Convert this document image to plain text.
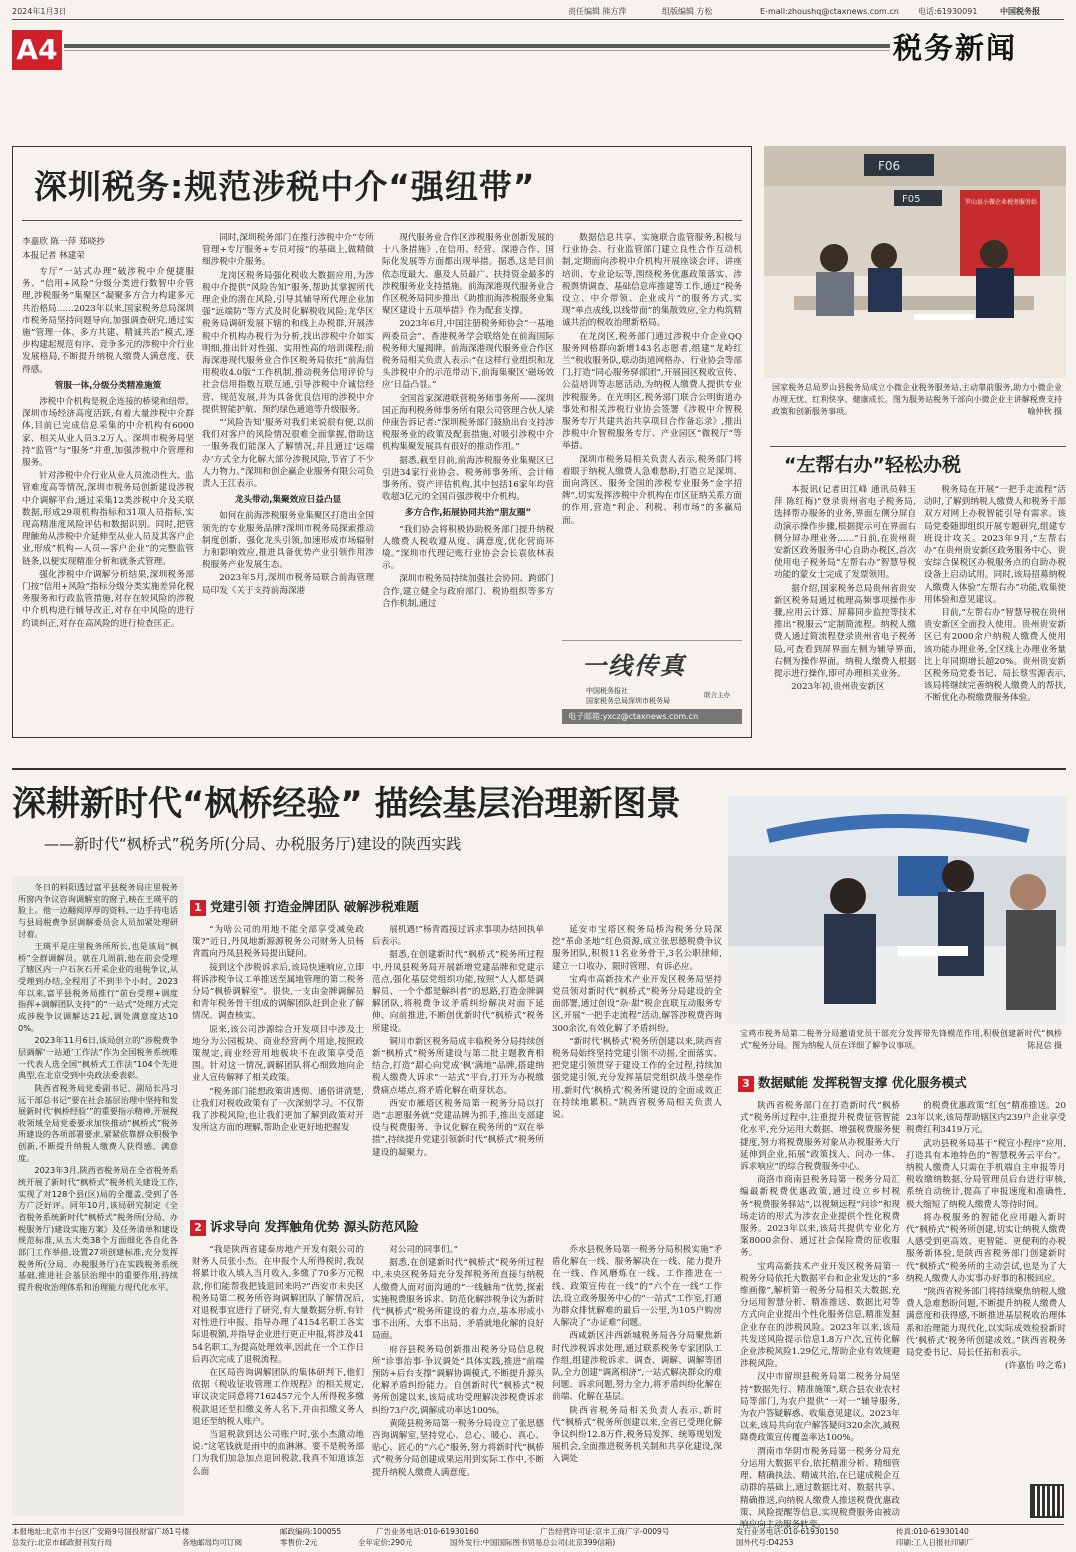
2024年1月3日	责任编辑 熊方萍	组版编辑 方松	E-mail:zhoushq@ctaxnews.com.cn 电话:61930091	中国税务报
A4	税务新闻
深圳税务:规范涉税中介“强纽带”
李嘉欣 陈一萍 郑晓抄
本报记者 林建荣

专厅“一站式办理”破涉税中介便捷服务、“信用+风险”分级分类进行数智中介管理,涉税服务“集聚区”凝聚多方合力构建多元共治格局……2023年以来,国家税务总局深圳市税务局坚持问题导向,加强调查研究,通过实施“管理一体、多方共建、精诚共治”模式,逐步构建起规范有序、竞争多元的涉税中介行业发展格局,不断提升纳税人缴费人满意度、获得感。

管服一体,分级分类精准施策

涉税中介机构是税企连接的桥梁和纽带。深圳市场经济高度活跃,有着大量涉税中介群体,目前已完成信息采集的中介机构有6000家、相关从业人员3.2万人。深圳市税务局坚持“监管”与“服务”并重,加强涉税中介管理和服务。

针对涉税中介行业从业人员流动性大、监管难度高等情况,深圳市税务局创新建设涉税中介调解平台,通过采集12类涉税中介及关联数据,形成29项机构指标和31项人员指标,实现高精准度风险评估和数据识别。同时,把管理触角从涉税中介延伸至从业人员及其客户企业,形成“机构—人员—客户企业”的完整监管链条,以便实现精准分析和就条式管理。

强化涉税中介调解分析结果,深圳税务部门按“信用+风险”指标分级分类实施差异化税务服务和行政监管措施,对存在较风险的涉税中介机构进行辅导改正,对存在中风险的进行约谈纠正,对存在高风险的进行检查匡正。

同时,深圳税务部门在推行涉税中介“专所管理+专厅服务+专员对接”的基础上,做精做细涉税中介服务。

龙岗区税务局强化税收大数据应用,为涉税中介提供“风险告知”服务,帮助其掌握所代理企业的潜在风险,引导其辅导所代理企业加强“远端防”等方式及时化解税收风险;龙华区税务局调研发展下辖的和线上办税群,开展涉税中介机构办税行为分析,找出涉税中介如实明细,推出针对性强、实用性高的培训课程;前海深港现代服务业合作区税务局依托“前海信用税收4.0版”工作机制,推动税务信用评价与社会信用指数互联互通,引导涉税中介诚信经营、规范发展,并为具备优良信用的涉税中介提供智能护航、预约绿色通道等升级服务。

“‘风险告知’服务对我们来说很有便,以前我们对客户的风险情况很难全面掌握,借助这一服务我们能深入了解情况,并且通过‘远端办’方式全力化解大部分涉税风险,节省了不少人力物力。”深圳和创企赢企业服务有限公司负责人王江表示。

龙头带动,集聚效应日益凸显

如何在前海涉税服务业集聚区打造出全国领先的专业服务品牌?深圳市税务局探索推动制度创新、强化龙头引领,加速形成市场辐射力和影响效应,推进具备优势产业引领作用涉税服务产业发展生态。

2023年5月,深圳市税务局联合前海管理局印发《关于支持前海深港

现代服务业合作区涉税服务业创新发展的十八条措施》,在信用、经营、深港合作、国际化发展等方面都出现举措。据悉,这是目前依态度最大、惠及人员最广、扶持资金最多的涉税服务业支持措施。前海深港现代服务业合作区税务局同步推出《助推前海涉税服务业集聚区建设十五项举措》作为配套支撑。

2023年6月,中国注册税务师协会“一基地两委员会”、香港税务学会联络处在前海国际税务师大厦揭牌。前海深港现代服务业合作区税务局相关负责人表示:“在这样行业组织和龙头涉税中介的示范带动下,前海集聚区‘磁场效应’日益凸显。”

全国首家深港联营税务师事务所——深圳国正海利税务师事务所有限公司管理合伙人梁仲康告诉记者:“深圳税务部门鼓励出台支持涉税服务业的政策及配套措施,对吸引涉税中介机构集聚发展具有很好的推动作用。”

据悉,截至目前,前海涉税服务业集聚区已引进34家行业协会、税务师事务所、会计师事务所、资产评估机构,其中包括16家年均营收超3亿元的全国百强涉税中介机构。

多方合作,拓展协同共治“朋友圈”

“我们协会将积极协助税务部门提升纳税人缴费人税收遵从度、满意度,优化营商环境。”深圳市代理记账行业协会会长袁依林表示。

深圳市税务局持续加强社会协同、跨部门合作,建立健全与政府部门、税协组织等多方合作机制,通过

数据信息共享、实施联合监管服务,积极与行业协会、行业监管部门建立良性合作互动机制,定期面向涉税中介机构开展座谈会评、讲座培训、专业论坛等,围绕税务优惠政策落实、涉税舆情调查、基础信息库推建等工作,通过“税务设立、中介带领、企业成片”的服务方式,实现“单点成线,以线带面”的集散效应,全力构筑精诚共治的税收治理新格局。

在龙岗区,税务部门通过涉税中介企业QQ服务网格群向新增143名志愿者,组建“龙岭红兰”税收服务队,联动街道网格办、行业协会等部门,打造“同心服务驿部团”,开展园区税收宣传、公益培训等志愿活动,为纳税人缴费人提供专业涉税服务。在光明区,税务部门联合公明街道办事处和相关涉税行业协会签署《涉税中介智税服务专厅共建共治共享项目合作备忘录》,推出涉税中介智税服务专厅、产业园区“微税厅”等举措。

深圳市税务局相关负责人表示,税务部门将着眼于纳税人缴费人急难愁盼,打造立足深圳、面向湾区、服务全国的涉税专业服务“金字招牌”,切实发挥涉税中介机构在市区征纳关系方面的作用,营造“利企、利税、利市场”的多赢局面。

一线传真
中国税务报社
国家税务总局深圳市税务局
联合主办
电子邮箱:yxcz@ctaxnews.com.cn
F06
F05	罗山县小微企业税务服务站
国家税务总局罗山县税务局成立小微企业税务服务站,主动靠前服务,助力小微企业办理无忧、红利快享、健康成长。图为服务站税务干部向小微企业主讲解税费支持政策和创新服务事项。	喻仲秋 摄
“左帮右办”轻松办税

本报讯(记者田江峰 通讯员韩玉萍 陈红梅)“登录贵州省电子税务局,选择帮办服务的业务,界面左侧分屏自动演示操作步骤,根据提示可在界面右侧分屏办理业务……”日前,在贵州贵安新区政务服务中心自助办税区,首次使用电子税务局“左帮右办”智慧导税功能的蒙女士完成了发票领用。

据介绍,国家税务总局贵州省贵安新区税务局通过梳理高频事项操作步骤,应用云计算、屏幕同步监控等技术推出“税服云”定制简流程。纳税人缴费人通过简流程登录贵州省电子税务局,可查看到屏界面左侧为辅导界面,右侧为操作界面。纳税人缴费人根据提示进行操作,即可办理相关业务。

2023年初,贵州贵安新区

税务局在开展“一把手走流程”活动时,了解到纳税人缴费人和税务干部双方对网上办税智能引导有需求。该局党委随即组织开展专题研究,组建专班设计攻关。2023年9月,“左帮右办”在贵州贵安新区政务服务中心、贵安综合保税区办税服务点的自助办税设备上启动试用。同时,该局招募纳税人缴费人体验“左帮右办”功能,收集使用体验和意见建议。

目前,“左帮右办”智慧导税在贵州贵安新区全面投入使用。贵州贵安新区已有2000余户纳税人缴费人使用该功能办理业务,全区线上办理业务量比上年同期增长超20%。贵州贵安新区税务局党委书记、局长蔡雪源表示,该局将继续完善纳税人缴费人的帮扶,不断优化办税缴费服务体验。

深耕新时代“枫桥经验” 描绘基层治理新图景
——新时代“枫桥式”税务所(分局、办税服务厅)建设的陕西实践

冬日的料阳透过富平县税务局庄里税务所窗内争议咨询调解室的窗子,映在王瑛平的脸上。他一边翻阅厚厚的资料,一边手持电话与县局税费争层调解委员会人员加紧处理研讨着。

王瑛平是庄里税务所所长,也是该局“枫桥”全群调解员。就在几周前,他在前会受理了辖区内一户石灰石开采企业的退税争议,从受理到办结,全程用了不到半个小时。2023年以来,富平县税务局推行“前台受理+调度指挥+调解团队支持”的“一站式”处理方式完成涉税争议调解达21起,调处满意度达100%。

2023年11月6日,该局创立的“涉税费争层调解‘一站通’工作法”作为全国税务系统唯一代表人选全国“枫桥式工作法”104个先进典型,在北京受到中央政法委表彰。

陕西省税务局党委副书记、副局长冯习远干部总书记“要在社会基层治理中坚持和发展新时代‘枫桥经验’”的重要指示精神,开展税收领域全局党委要求加快推动“枫桥式”税务所建设的各项部署要求,紧紧依靠群众积极争创新,不断提升纳税人缴费人获得感、满意度。

2023年3月,陕西省税务局在全省税务系统开展了新时代“枫桥式”税务机关建设工作,实现了对128个县(区)局的全覆盖,受到了各方广泛好评。同年10月,该局研究制定《全省税务系统新时代“枫桥式”税务所(分局、办税服务厅)建设实施方案》及任务清单和建设规范标准,从五大类38个方面细化各自化各部门工作举措,设置27项创建标准,充分发挥税务所(分局、办税服务厅)在实践税务系统基础,推进社会基层治理中的重要作用,持续提升税收治理体系和治理能力现代化水平。

宝鸡市税务局第二税务分局邀请党员干部充分发挥带先锋模范作用,积极创建新时代“枫桥式”税务分局。图为纳税人员在详细了解争议事项。	陈昆信 摄
1 党建引领 打造金牌团队 破解涉税难题

“为啥公司的用地不能全部享受减免政策?”近日,丹凤地新源源税务公司财务人员杨青霞向丹凤县税务局提出疑问。

接到这个涉税诉求后,该局快速响应,立即将诉涉税争议工单推送至属地管理的第二税务分局“枫桥调解室”。很快,一支由金牌调解员和青年税务骨干组成的调解团队赶到企业了解情况、调查核实。

原来,该公司涉源综合开发项目中涉及土地分为公园板块、商业经营两个用途,按照政策规定,商业经营用地板块不在政策享受范围。针对这一情况,调解团队将心细致地向企业人宣传解释了相关政策。

“税务部门能想政策讲透彻、通俗讲清楚,让我们对税收政策有了一次深刻学习。不仅帮我了涉税风险,也让我们更加了解到政策对开发所这方面的理解,帮助企业更好地把握发

展机遇!”杨青霞接过诉求事项办结回执单后表示。

据悉,在创建新时代“枫桥式”税务所过程中,丹凤县税务局开展新增党建品牌和党建示范点,强化基层党组织功能,按照“人人都是调解员、一个个都是解纠者”的思路,打造金牌调解团队,将税费争议矛盾纠纷解决对面下延伸、向前推进,不断创优新时代“枫桥式”税务所建设。

铜川市新区税务局成丰临税务分局持续创新“枫桥式”税务所建设与第二批主题教育相结合,打造“甜心向党成‘枫’满地”品牌,搭建纳税人缴费人诉求“一站式”平台,打开为办税缴费痛点堵点,将矛盾化解在萌芽状态。

西安市雁塔区税务局第一税务分局以打造“志愿服务就”党建品牌为抓手,推出支部建设与税费服务、争议化解在税务所的“双在举措”,持续提升党建引领新时代“枫桥式”税务所建设的凝聚力。

延安市宝塔区税务局桥沟税务分局深挖“革命圣地”红色资源,成立张思德税费争议服务团队,积极11名业务骨干,3名公职律师,建立一口收办、限时管理、有诉必应。

宝鸡市高新技术产业开发区税务局坚持党员领对新时代“枫桥式”税务分局建设的全面部署,通过创设“杂·甜”税企直联互动服务专区,开展“一把手走流程”活动,解答涉税费咨询300余次,有效化解了矛盾纠纷。

“新时代‘枫桥式’税务所创建以来,陕西省税务局始终坚持党建引领不动摇,全面落实、把党建引领贯穿于建设工作的全过程,持续加强党建引领,充分发挥基层党组织战斗堡垒作用,新时代‘枫桥式’税务所建设的全面成效正在持续地累积。”陕西省税务局相关负责人说。

2 诉求导向 发挥触角优势 源头防范风险

“我是陕西省建泰房地产开发有限公司的财务人员张小杰。在申报个人所得税时,我误将累计收入填入当月收入,多缴了70多万元税款,你们能帮我把钱退回来吗?”西安市未央区税务局第二税务所咨询调解团队了解情况后,对退税事宜进行了研究,有大量数据分析,有针对性进行申报、指导办理了4154名职工各实际退税额,并指导企业进行更正申报,将涉及4154名职工,为提高处理效率,因此在一个工作日后再次完成了退税流程。

在区局咨询调解团队的集体研判下,他们依据《税收征收管理工作规程》的相关规定,审议决定同意将7162457元个人所得税多缴税款退还至扣缴义务人名下,并由扣缴义务人退还至纳税人账户。

当退税款到达公司账户时,张小杰激动地说:“这笔钱就是雨中的血淋淋。要不是税务部门为我们加急加点退回税款,我真不知道该怎么面

对公司的同事们。”

据悉,在创建新时代“枫桥式”税务所过程中,未央区税务局充分发挥税务所直接与纳税人缴费人面对面沟通的“一线触角”优势,探索实施税费服务诉求、防范化解涉税争议为新时代“枫桥式”税务所建设的着力点,基本形成小事不出所、大事不出局、矛盾就地化解的良好局面。

府谷县税务局创新推出税务分局信息税所“诊事治事·争议调处”具体实践,推进“前端预防+后台支撑”调解协调模式,不断提升源头化解矛盾纠纷能力。自创新时代“枫桥式”税务所创建以来,该局成功受理解决涉税费诉求纠纷73户次,调解成功率达100%。

黄陵县税务局第一税务分局设立了张思德咨询调解室,坚持党心、总心、暖心、真心、贴心、匠心的“六心”服务,努力将新时代“枫桥式”税务分局创建成果运用到实际工作中,不断提升纳税人缴费人满意度。

乔水县税务局第一税务分局积极实施“矛盾化解在一线、服务解决在一线、能力提升在一线、作风磨炼在一线、工作推进在一线、政策宣传在一线”的“六个在一线”工作法,设立政务服务中心的“一站式”工作室,打通为群众排忧解难的最后一公里,为105户购房人解决了“办证难”问题。

西咸新区沣西新城税务局各分局聚焦新时代涉税诉求处理,通过联系税务专家团队工作组,组建涉税诉求、调查、调解、调解等团队,全力创建“调离相济”,一站式解决群众的难问题、诉求问题,努力全力,将矛盾纠纷化解在前端、化解在基层。

陕西省税务局相关负责人表示,新时代“枫桥式”税务所创建以来,全省已受理化解争议纠纷12.8万件,税务局发挥、统筹规划发展机会,全面推进税务机关制和共享化建设,深入调处

3 数据赋能 发挥税智支撑 优化服务模式

陕西省税务部门在打造新时代“枫桥式”税务所过程中,注重提升税费征管智能化水平,充分运用大数据、增强税费服务便捷度,努力将税费服务对象从办税服务大厅延伸到企业,拓展“政策找人、问办一体、诉求响应”的综合税费服务中心。

商洛市商南县税务局第一税务分局汇编最新税费优惠政策,通过设立乡村税务“税费服务驿站”,以视频远程“问诊”和现场走访的形式为涉农企业提供个性化税费服务。2023年以来,该局共提供专业化方案8000余份、通过社会保险费的征收服务。

宝鸡高新技术产业开发区税务局第一税务分局依托大数据平台和企业发达的“多维画像”,解析第一税务分局相关大数据,充分运用智慧分析、精准推送、数据比对等方式向企业提出个性化服务信息,精准发掘企业存在的涉税风险。2023年以来,该局共发送风险提示信息1.8万户次,宣传化解企业涉税风险1.29亿元,帮助企业有效规避涉税风险。

汉中市留坝县税务局第二税务分局坚持“数据先行、精准施策”,联合县农业农村局等部门,为农户提供“一对一”辅导服务,为农户答疑解惑、收集意见建议。2023年以来,该局共向农户解答疑问320余次,减税降费政策宣传覆盖率达100%。

渭南市华阴市税务局第一税务分局充分运用大数据平台,依托精准分析、精细管理、精确执法、精诚共治,在已建成税企互动群的基础上,通过数据比对、数据共享、精确推送,向纳税人缴费人推送税费优惠政策、风险提醒等信息,实现税费服务由被动响应向主动服务转变。

的税费优惠政策“红包”精准推送。2023年以来,该局帮助辖区内239户企业享受税费红利3419万元。

武功县税务局基于“税宣小程序”应用,打造具有本地特色的“智慧税务云平台”。纳税人缴费人只需在手机端自主申报等月税收缴纳数据,分局管理员后台进行审核,系统自动统计,提高了申报速度和准确性,极大缩短了纳税人缴费人等待时间。

将办税服务的智能化应用融入新时代“枫桥式”税务所创建,切实让纳税人缴费人感受到更高效、更智能、更便利的办税服务新体验,是陕西省税务部门创建新时代“枫桥式”税务所的主动尝试,也是为了大纳税人缴费人办实事办好事的积极回应。

“陕西省税务部门将持续聚焦纳税人缴费人急难愁盼问题,不断提升纳税人缴费人满意度和获得感,不断推进基层税收治理体系和治理能力现代化,以实际成效检验新时代‘枫桥式’税务所创建成效。”陕西省税务局党委书记、局长任拓和表示。

(许嘉怡 吟之希)

本报地址:北京市丰台区广安路9号国投财富广场1号楼	邮政编码:100055	广告业务电话:010-61930160	广告经营许可证:京丰工商广字-0009号	发行业务电话:010-61930150	传真:010-61930140
总发行:北京市邮政报刊发行局	各地邮局均可订阅	零售价:2元	全年定价:290元	国外发行:中国国际图书贸易总公司(北京399信箱)	国外代号:D4253	印刷:工人日报社印刷厂
